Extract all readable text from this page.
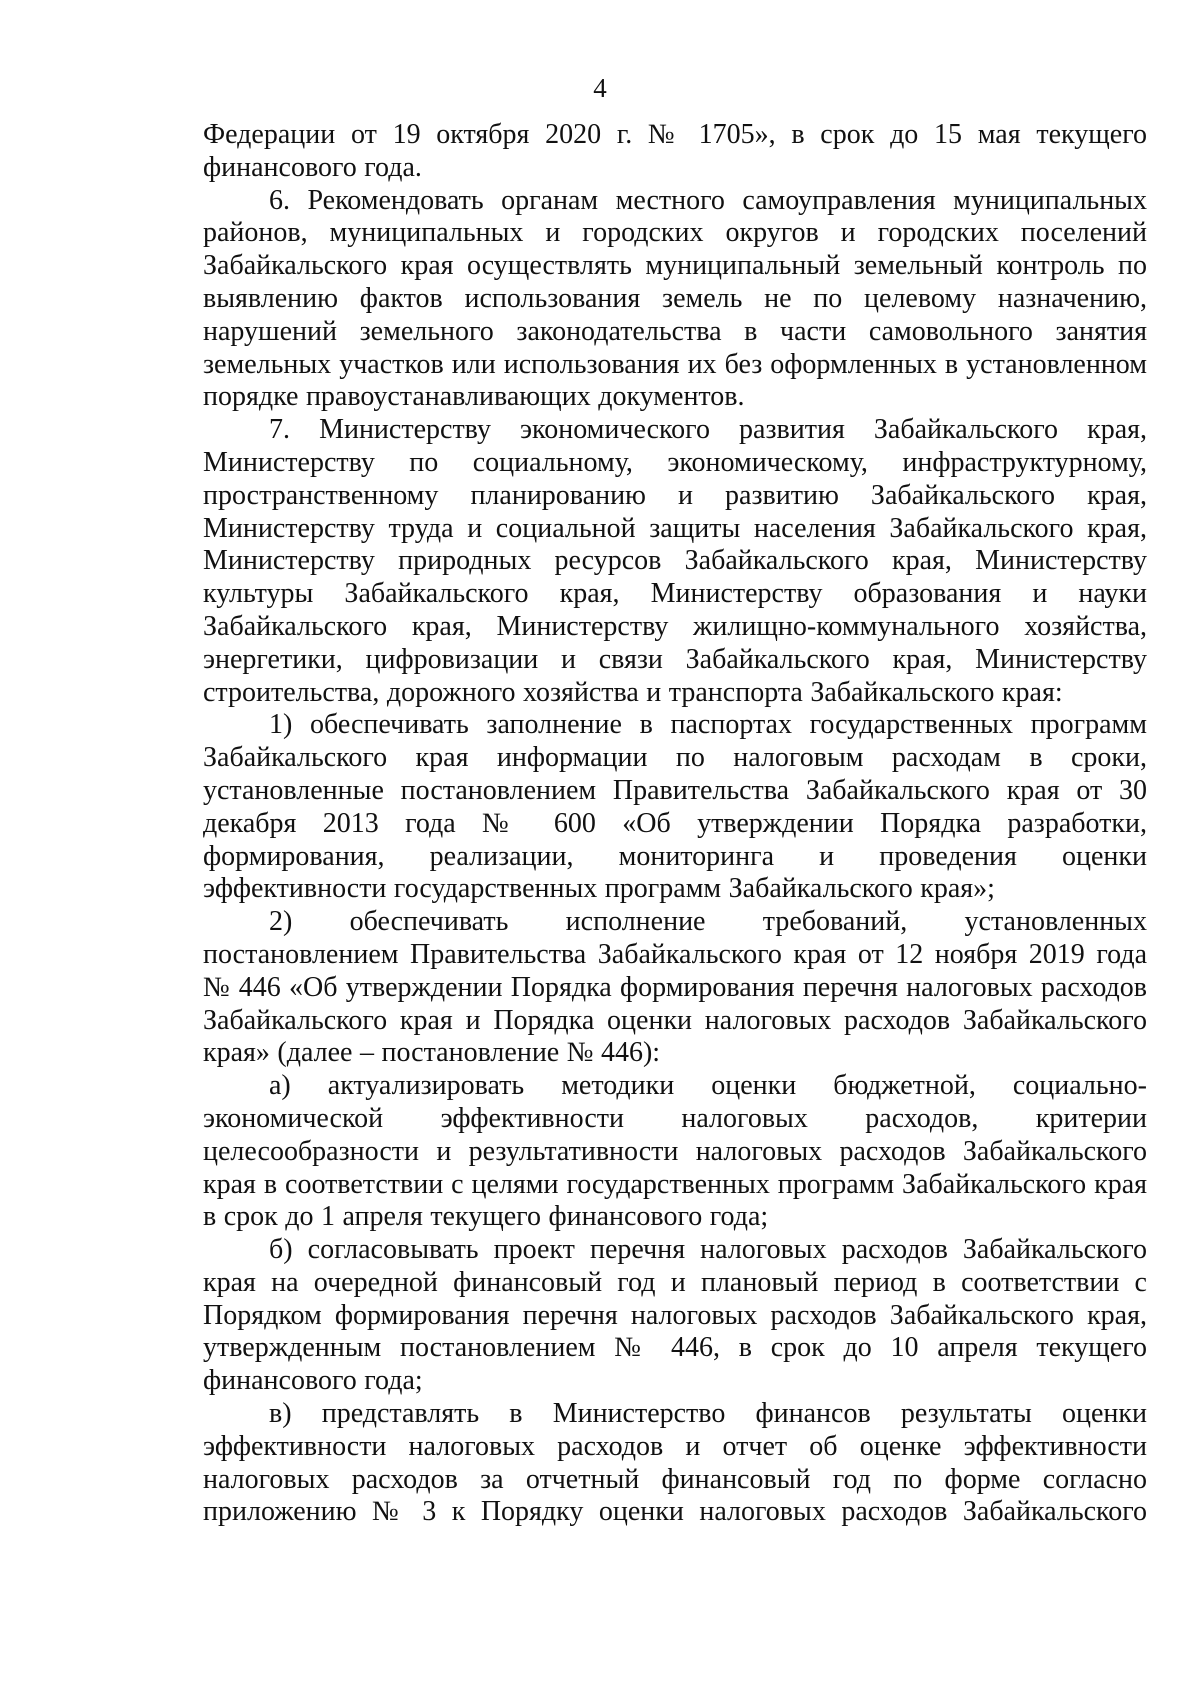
4

Федерации от 19 октября 2020 г. № 1705», в срок до 15 мая текущего финансового года.

6. Рекомендовать органам местного самоуправления муниципальных районов, муниципальных и городских округов и городских поселений Забайкальского края осуществлять муниципальный земельный контроль по выявлению фактов использования земель не по целевому назначению, нарушений земельного законодательства в части самовольного занятия земельных участков или использования их без оформленных в установленном порядке правоустанавливающих документов.

7. Министерству экономического развития Забайкальского края, Министерству по социальному, экономическому, инфраструктурному, пространственному планированию и развитию Забайкальского края, Министерству труда и социальной защиты населения Забайкальского края, Министерству природных ресурсов Забайкальского края, Министерству культуры Забайкальского края, Министерству образования и науки Забайкальского края, Министерству жилищно-коммунального хозяйства, энергетики, цифровизации и связи Забайкальского края, Министерству строительства, дорожного хозяйства и транспорта Забайкальского края:

1) обеспечивать заполнение в паспортах государственных программ Забайкальского края информации по налоговым расходам в сроки, установленные постановлением Правительства Забайкальского края от 30 декабря 2013 года № 600 «Об утверждении Порядка разработки, формирования, реализации, мониторинга и проведения оценки эффективности государственных программ Забайкальского края»;

2) обеспечивать исполнение требований, установленных постановлением Правительства Забайкальского края от 12 ноября 2019 года № 446 «Об утверждении Порядка формирования перечня налоговых расходов Забайкальского края и Порядка оценки налоговых расходов Забайкальского края» (далее – постановление № 446):

а) актуализировать методики оценки бюджетной, социально-экономической эффективности налоговых расходов, критерии целесообразности и результативности налоговых расходов Забайкальского края в соответствии с целями государственных программ Забайкальского края в срок до 1 апреля текущего финансового года;

б) согласовывать проект перечня налоговых расходов Забайкальского края на очередной финансовый год и плановый период в соответствии с Порядком формирования перечня налоговых расходов Забайкальского края, утвержденным постановлением № 446, в срок до 10 апреля текущего финансового года;

в) представлять в Министерство финансов результаты оценки эффективности налоговых расходов и отчет об оценке эффективности налоговых расходов за отчетный финансовый год по форме согласно приложению № 3 к Порядку оценки налоговых расходов Забайкальского
